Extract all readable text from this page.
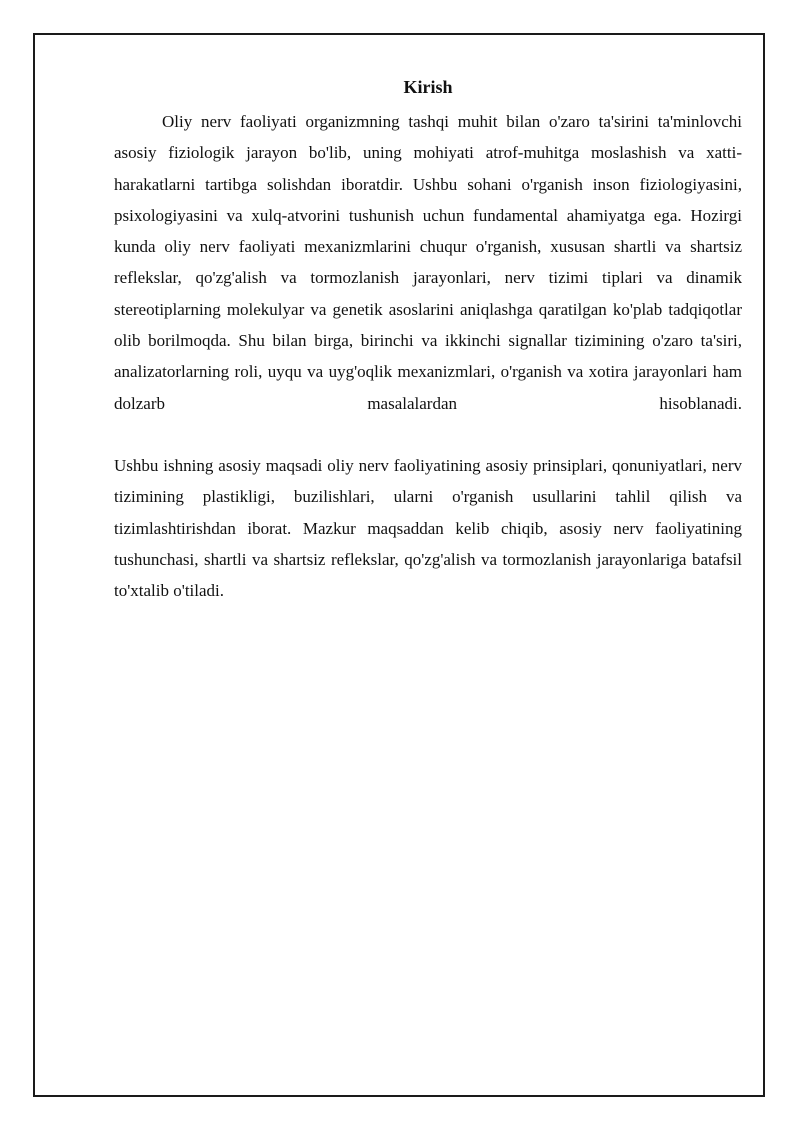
Kirish

Oliy nerv faoliyati organizmning tashqi muhit bilan o'zaro ta'sirini ta'minlovchi asosiy fiziologik jarayon bo'lib, uning mohiyati atrof-muhitga moslashish va xatti-harakatlarni tartibga solishdan iboratdir. Ushbu sohani o'rganish inson fiziologiyasini, psixologiyasini va xulq-atvorini tushunish uchun fundamental ahamiyatga ega. Hozirgi kunda oliy nerv faoliyati mexanizmlarini chuqur o'rganish, xususan shartli va shartsiz reflekslar, qo'zg'alish va tormozlanish jarayonlari, nerv tizimi tiplari va dinamik stereotiplarning molekulyar va genetik asoslarini aniqlashga qaratilgan ko'plab tadqiqotlar olib borilmoqda. Shu bilan birga, birinchi va ikkinchi signallar tizimining o'zaro ta'siri, analizatorlarning roli, uyqu va uyg'oqlik mexanizmlari, o'rganish va xotira jarayonlari ham dolzarb masalalardan hisoblanadi.

Ushbu ishning asosiy maqsadi oliy nerv faoliyatining asosiy prinsiplari, qonuniyatlari, nerv tizimining plastikligi, buzilishlari, ularni o'rganish usullarini tahlil qilish va tizimlashtirishdan iborat. Mazkur maqsaddan kelib chiqib, asosiy nerv faoliyatining tushunchasi, shartli va shartsiz reflekslar, qo'zg'alish va tormozlanish jarayonlariga batafsil to'xtalib o'tiladi.
